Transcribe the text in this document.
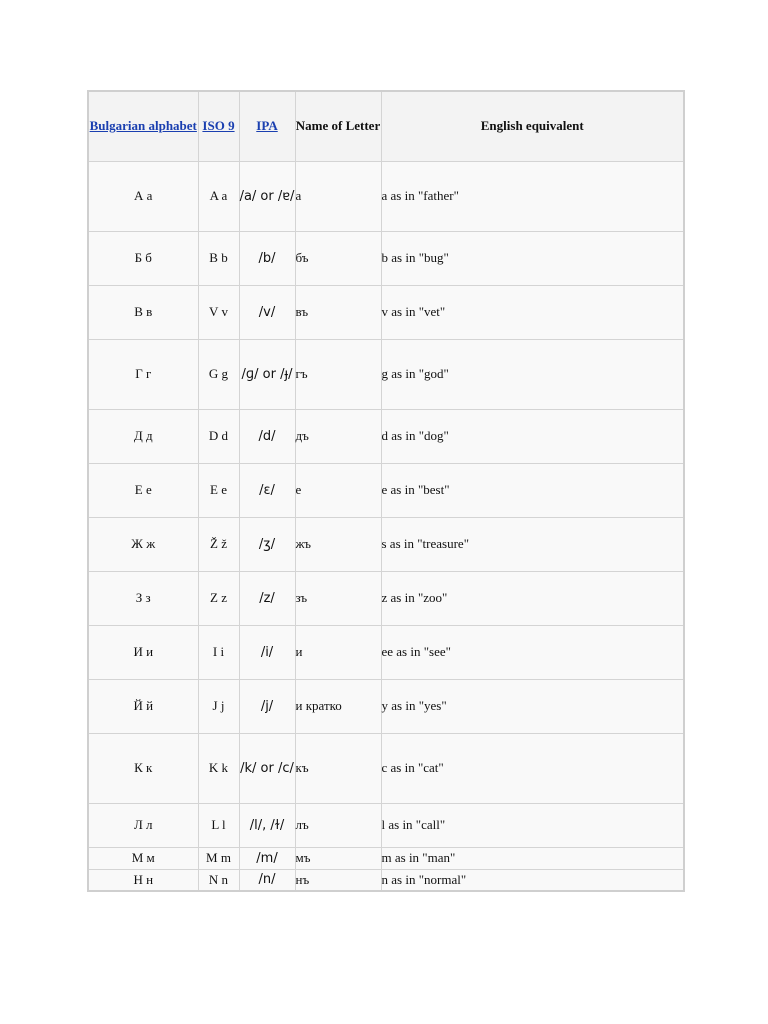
Bulgarian alphabet	ISO 9	IPA	Name of Letter	English equivalent
А а	A a	/a/ or /ɐ/	а	a as in "father"
Б б	B b	/b/	бъ	b as in "bug"
В в	V v	/v/	въ	v as in "vet"
Г г	G g	/ɡ/ or /ɟ/	гъ	g as in "god"
Д д	D d	/d/	дъ	d as in "dog"
Е е	E e	/ɛ/	е	e as in "best"
Ж ж	Ž ž	/ʒ/	жъ	s as in "treasure"
З з	Z z	/z/	зъ	z as in "zoo"
И и	I i	/i/	и	ee as in "see"
Й й	J j	/j/	и кратко	y as in "yes"
К к	K k	/k/ or /c/	къ	c as in "cat"
Л л	L l	/l/, /ɫ/	лъ	l as in "call"
М м	M m	/m/	мъ	m as in "man"
Н н	N n	/n/	нъ	n as in "normal"
